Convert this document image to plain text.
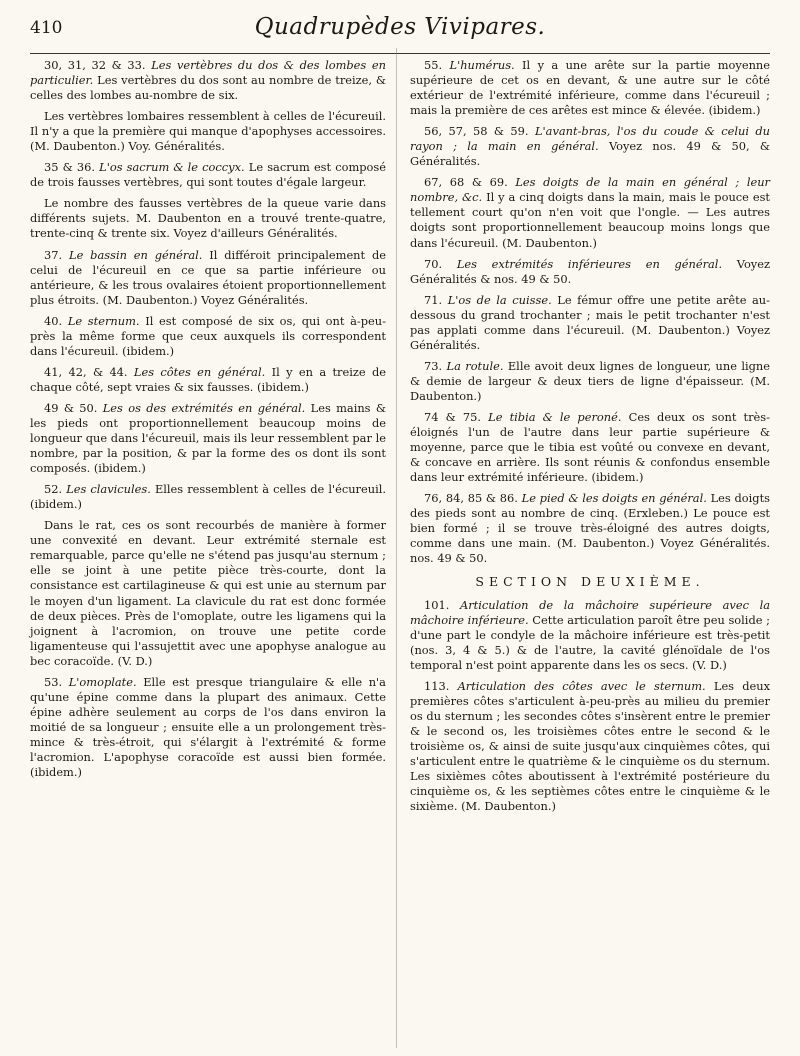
410	Quadrupèdes Vivipares.

30, 31, 32 & 33. Les vertèbres du dos & des lombes en particulier. Les vertèbres du dos sont au nombre de treize, & celles des lombes au-nombre de six.

Les vertèbres lombaires ressemblent à celles de l'écureuil. Il n'y a que la première qui manque d'apophyses accessoires. (M. Daubenton.) Voy. Généralités.

35 & 36. L'os sacrum & le coccyx. Le sacrum est composé de trois fausses vertèbres, qui sont toutes d'égale largeur.

Le nombre des fausses vertèbres de la queue varie dans différents sujets. M. Daubenton en a trouvé trente-quatre, trente-cinq & trente six. Voyez d'ailleurs Généralités.

37. Le bassin en général. Il différoit principalement de celui de l'écureuil en ce que sa partie inférieure ou antérieure, & les trous ovalaires étoient proportionnellement plus étroits. (M. Daubenton.) Voyez Généralités.

40. Le sternum. Il est composé de six os, qui ont à-peu-près la même forme que ceux auxquels ils correspondent dans l'écureuil. (ibidem.)

41, 42, & 44. Les côtes en général. Il y en a treize de chaque côté, sept vraies & six fausses. (ibidem.)

49 & 50. Les os des extrémités en général. Les mains & les pieds ont proportionnellement beaucoup moins de longueur que dans l'écureuil, mais ils leur ressemblent par le nombre, par la position, & par la forme des os dont ils sont composés. (ibidem.)

52. Les clavicules. Elles ressemblent à celles de l'écureuil. (ibidem.)

Dans le rat, ces os sont recourbés de manière à former une convexité en devant. Leur extrémité sternale est remarquable, parce qu'elle ne s'étend pas jusqu'au sternum ; elle se joint à une petite pièce très-courte, dont la consistance est cartilagineuse & qui est unie au sternum par le moyen d'un ligament. La clavicule du rat est donc formée de deux pièces. Près de l'omoplate, outre les ligamens qui la joignent à l'acromion, on trouve une petite corde ligamenteuse qui l'assujettit avec une apophyse analogue au bec coracoïde. (V. D.)

53. L'omoplate. Elle est presque triangulaire & elle n'a qu'une épine comme dans la plupart des animaux. Cette épine adhère seulement au corps de l'os dans environ la moitié de sa longueur ; ensuite elle a un prolongement très-mince & très-étroit, qui s'élargit à l'extrémité & forme l'acromion. L'apophyse coracoïde est aussi bien formée. (ibidem.)

55. L'humérus. Il y a une arête sur la partie moyenne supérieure de cet os en devant, & une autre sur le côté extérieur de l'extrémité inférieure, comme dans l'écureuil ; mais la première de ces arêtes est mince & élevée. (ibidem.)

56, 57, 58 & 59. L'avant-bras, l'os du coude & celui du rayon ; la main en général. Voyez nos. 49 & 50, & Généralités.

67, 68 & 69. Les doigts de la main en général ; leur nombre, &c. Il y a cinq doigts dans la main, mais le pouce est tellement court qu'on n'en voit que l'ongle. — Les autres doigts sont proportionnellement beaucoup moins longs que dans l'écureuil. (M. Daubenton.)

70. Les extrémités inférieures en général. Voyez Généralités & nos. 49 & 50.

71. L'os de la cuisse. Le fémur offre une petite arête au-dessous du grand trochanter ; mais le petit trochanter n'est pas applati comme dans l'écureuil. (M. Daubenton.) Voyez Généralités.

73. La rotule. Elle avoit deux lignes de longueur, une ligne & demie de largeur & deux tiers de ligne d'épaisseur. (M. Daubenton.)

74 & 75. Le tibia & le peroné. Ces deux os sont très-éloignés l'un de l'autre dans leur partie supérieure & moyenne, parce que le tibia est voûté ou convexe en devant, & concave en arrière. Ils sont réunis & confondus ensemble dans leur extrémité inférieure. (ibidem.)

76, 84, 85 & 86. Le pied & les doigts en général. Les doigts des pieds sont au nombre de cinq. (Erxleben.) Le pouce est bien formé ; il se trouve très-éloigné des autres doigts, comme dans une main. (M. Daubenton.) Voyez Généralités. nos. 49 & 50.

SECTION DEUXIÈME.

101. Articulation de la mâchoire supérieure avec la mâchoire inférieure. Cette articulation paroît être peu solide ; d'une part le condyle de la mâchoire inférieure est très-petit (nos. 3, 4 & 5.) & de l'autre, la cavité glénoïdale de l'os temporal n'est point apparente dans les os secs. (V. D.)

113. Articulation des côtes avec le sternum. Les deux premières côtes s'articulent à-peu-près au milieu du premier os du sternum ; les secondes côtes s'insèrent entre le premier & le second os, les troisièmes côtes entre le second & le troisième os, & ainsi de suite jusqu'aux cinquièmes côtes, qui s'articulent entre le quatrième & le cinquième os du sternum. Les sixièmes côtes aboutissent à l'extrémité postérieure du cinquième os, & les septièmes côtes entre le cinquième & le sixième. (M. Daubenton.)
